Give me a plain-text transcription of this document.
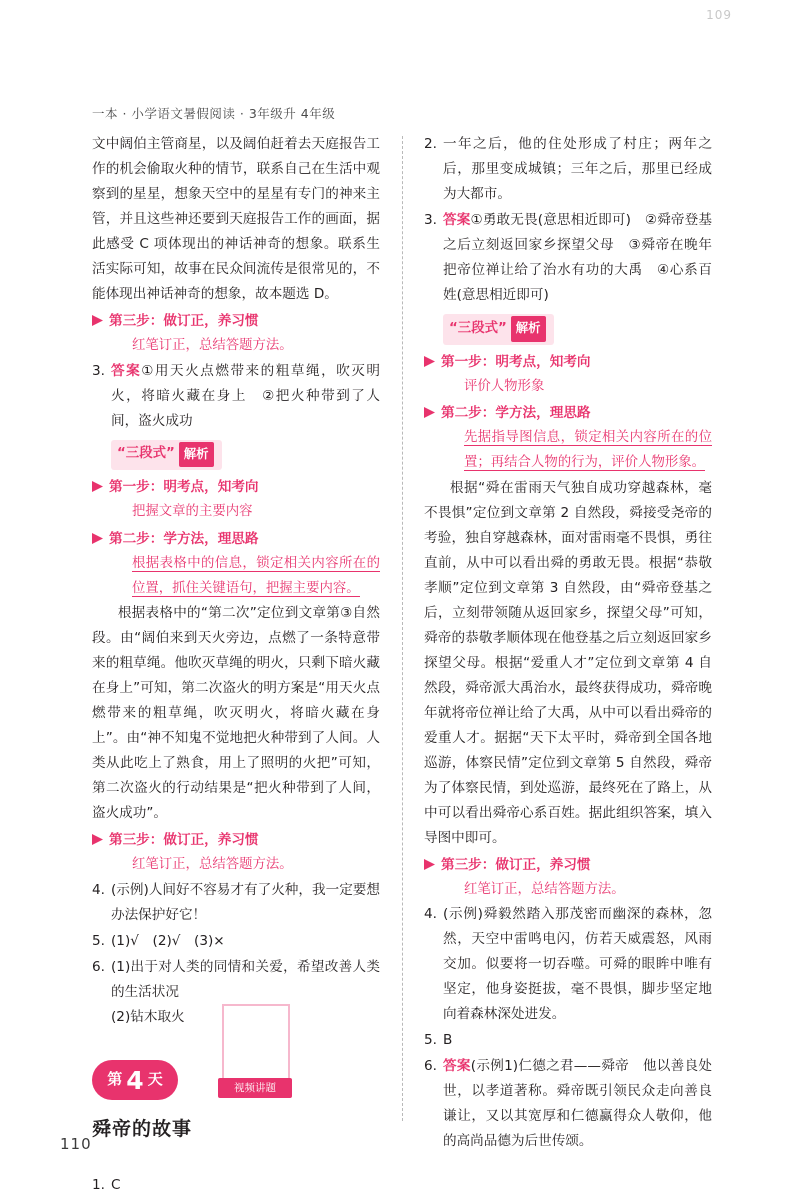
109
一本 · 小学语文暑假阅读 · 3年级升 4年级
110
文中阔伯主管商星，以及阔伯赶着去天庭报告工作的机会偷取火种的情节，联系自己在生活中观察到的星星，想象天空中的星星有专门的神来主管，并且这些神还要到天庭报告工作的画面，据此感受 C 项体现出的神话神奇的想象。联系生活实际可知，故事在民众间流传是很常见的，不能体现出神话神奇的想象，故本题选 D。
第三步：做订正，养习惯
红笔订正，总结答题方法。
3. 答案①用天火点燃带来的粗草绳，吹灭明火，将暗火藏在身上　②把火种带到了人间，盗火成功
“三段式” 解析
第一步：明考点，知考向
把握文章的主要内容
第二步：学方法，理思路
根据表格中的信息，锁定相关内容所在的位置，抓住关键语句，把握主要内容。
根据表格中的“第二次”定位到文章第③自然段。由“阔伯来到天火旁边，点燃了一条特意带来的粗草绳。他吹灭草绳的明火，只剩下暗火藏在身上”可知，第二次盗火的明方案是“用天火点燃带来的粗草绳，吹灭明火，将暗火藏在身上”。由“神不知鬼不觉地把火种带到了人间。人类从此吃上了熟食，用上了照明的火把”可知，第二次盗火的行动结果是“把火种带到了人间，盗火成功”。
第三步：做订正，养习惯
红笔订正，总结答题方法。
4. (示例)人间好不容易才有了火种，我一定要想办法保护好它！
5. (1)√　(2)√　(3)×
6. (1)出于对人类的同情和关爱，希望改善人类的生活状况
(2)钻木取火
第 4 天
舜帝的故事
1. C
2. 一年之后，他的住处形成了村庄；两年之后，那里变成城镇；三年之后，那里已经成为大都市。
3. 答案①勇敢无畏(意思相近即可)　②舜帝登基之后立刻返回家乡探望父母　③舜帝在晚年把帝位禅让给了治水有功的大禹　④心系百姓(意思相近即可)
“三段式” 解析
第一步：明考点，知考向
评价人物形象
第二步：学方法，理思路
先据指导图信息，锁定相关内容所在的位置；再结合人物的行为，评价人物形象。
根据“舜在雷雨天气独自成功穿越森林，毫不畏惧”定位到文章第 2 自然段，舜接受尧帝的考验，独自穿越森林，面对雷雨毫不畏惧，勇往直前，从中可以看出舜的勇敢无畏。根据“恭敬孝顺”定位到文章第 3 自然段，由“舜帝登基之后，立刻带领随从返回家乡，探望父母”可知，舜帝的恭敬孝顺体现在他登基之后立刻返回家乡探望父母。根据“爱重人才”定位到文章第 4 自然段，舜帝派大禹治水，最终获得成功，舜帝晚年就将帝位禅让给了大禹，从中可以看出舜帝的爱重人才。据据“天下太平时，舜帝到全国各地巡游，体察民情”定位到文章第 5 自然段，舜帝为了体察民情，到处巡游，最终死在了路上，从中可以看出舜帝心系百姓。据此组织答案，填入导图中即可。
第三步：做订正，养习惯
红笔订正，总结答题方法。
4. (示例)舜毅然踏入那茂密而幽深的森林，忽然，天空中雷鸣电闪，仿若天威震怒，风雨交加。似要将一切吞噬。可舜的眼眸中唯有坚定，他身姿挺拔，毫不畏惧，脚步坚定地向着森林深处进发。
5. B
6. 答案(示例1)仁德之君——舜帝　他以善良处世，以孝道著称。舜帝既引领民众走向善良谦让，又以其宽厚和仁德赢得众人敬仰，他的高尚品德为后世传颂。
视频讲题
